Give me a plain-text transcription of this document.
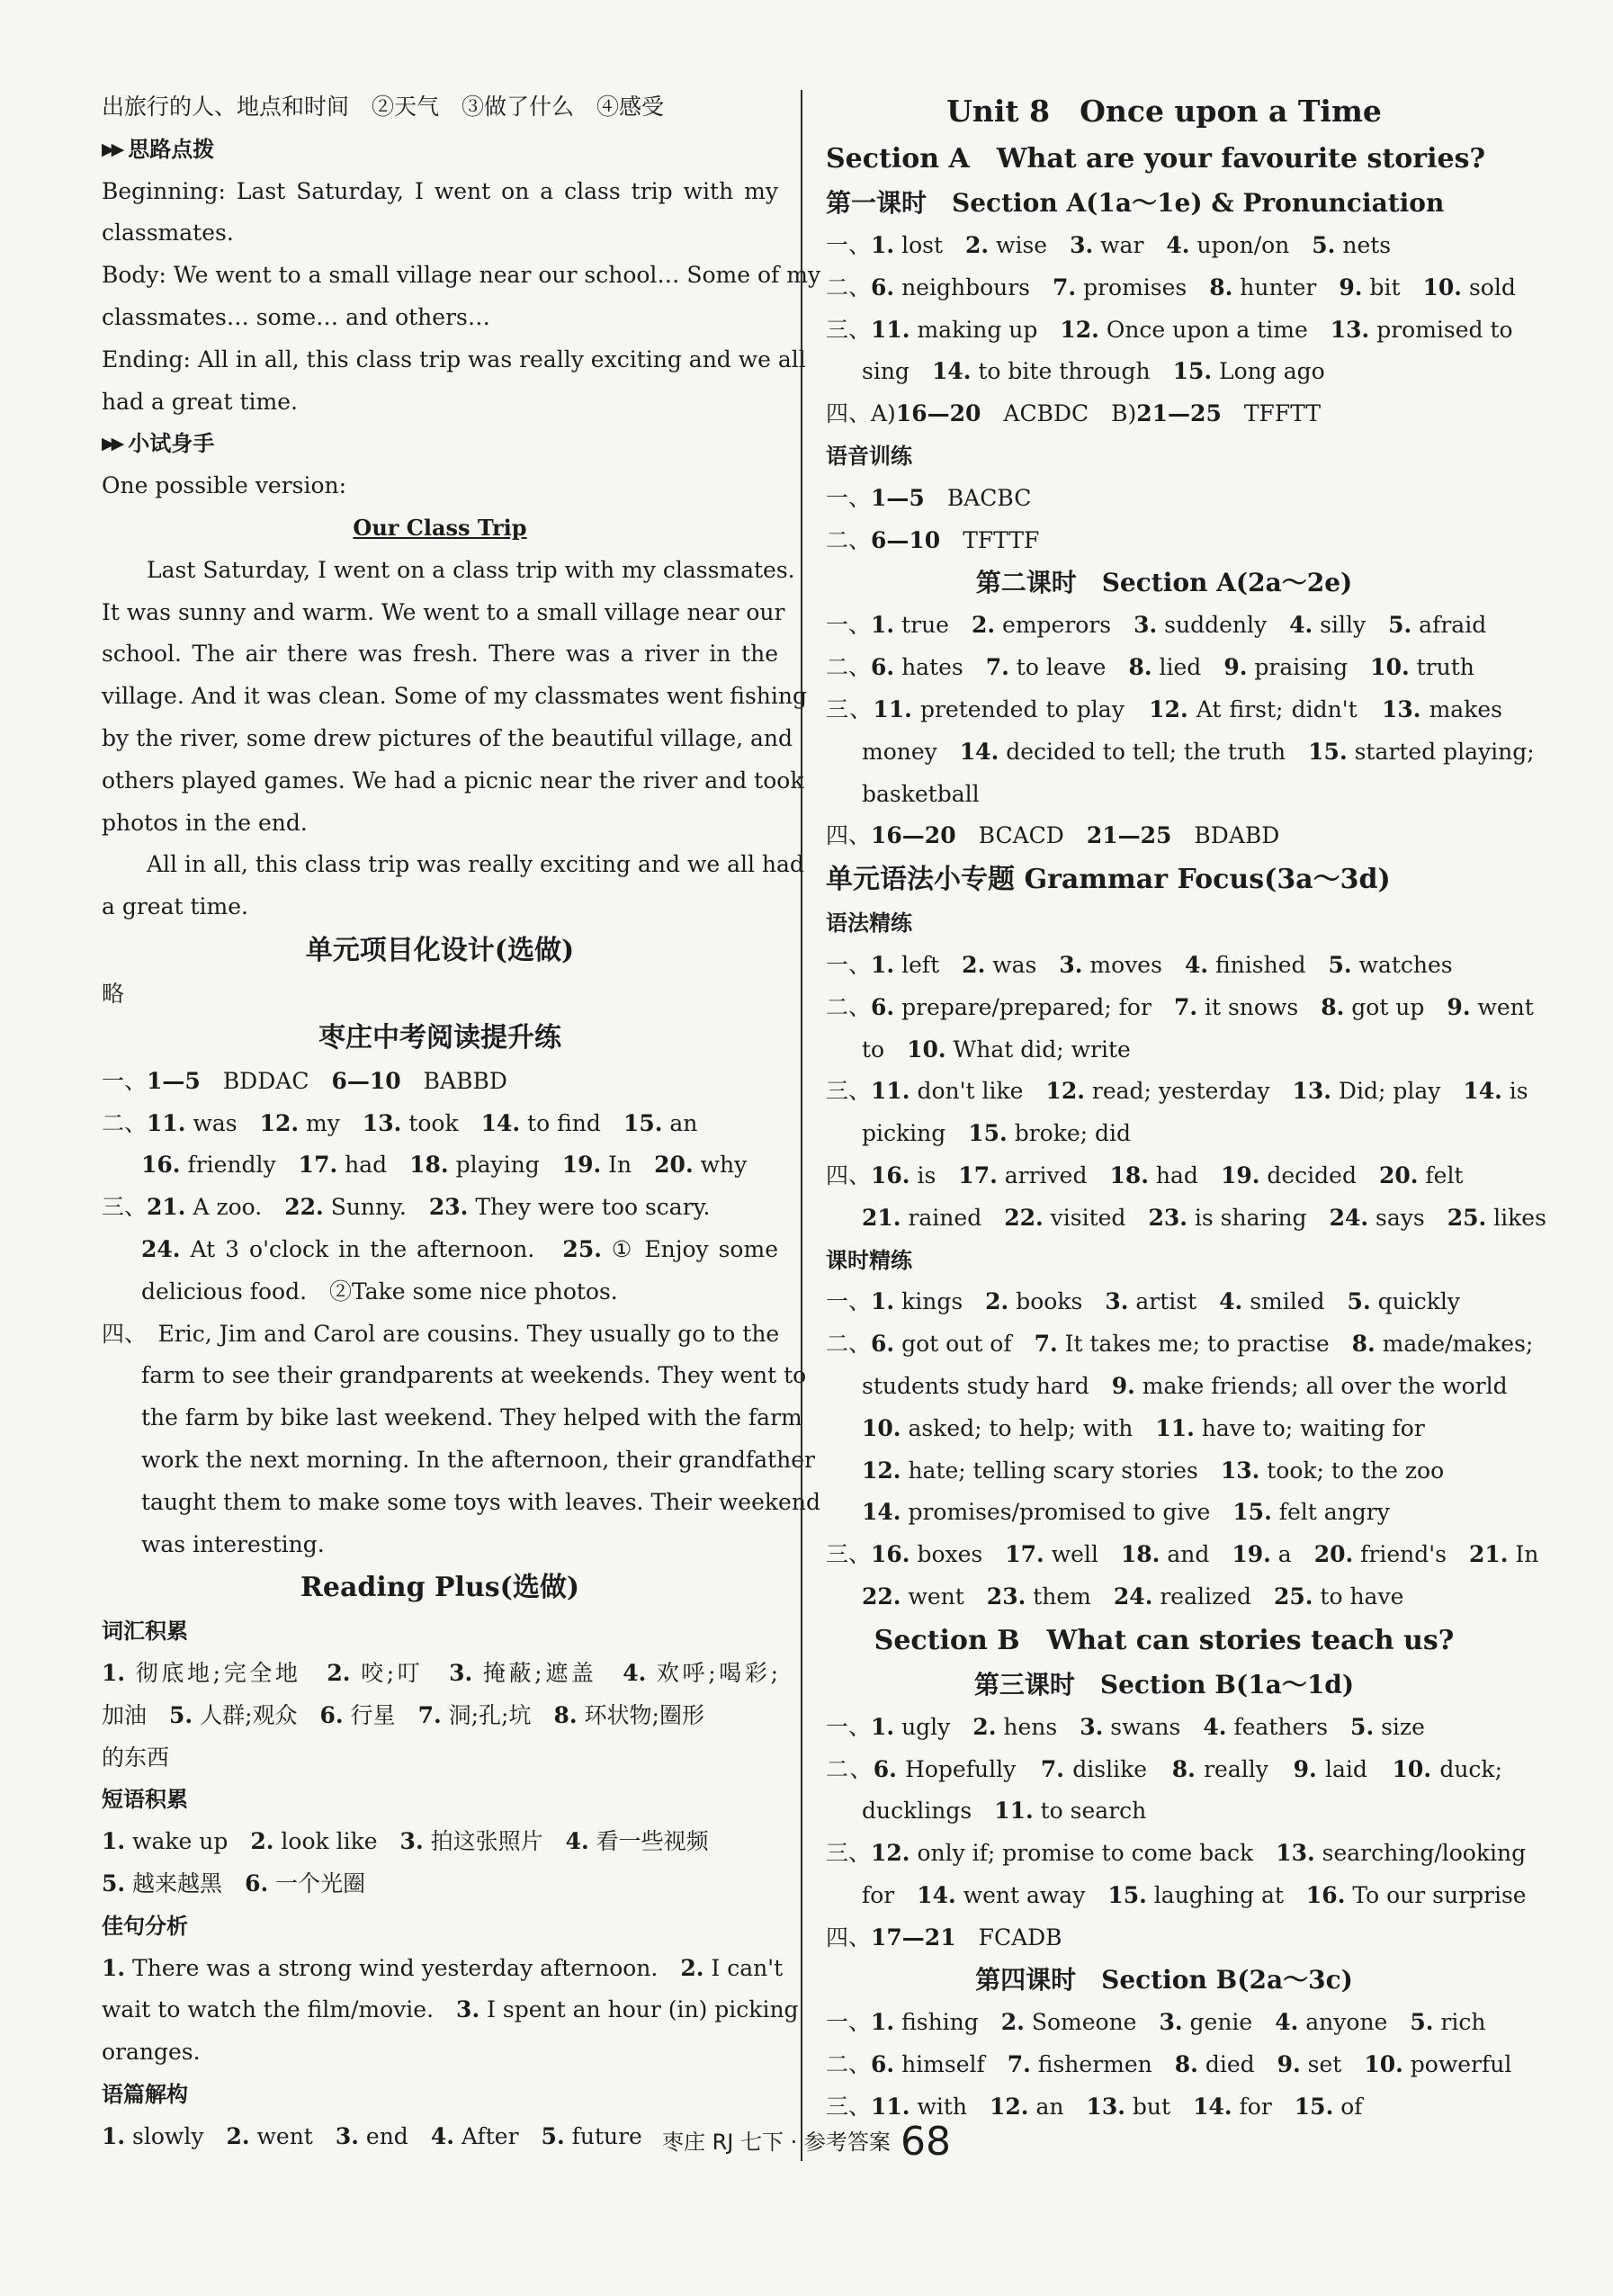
出旅行的人、地点和时间　②天气　③做了什么　④感受
▶▶ 思路点拨
Beginning: Last Saturday, I went on a class trip with my
classmates.
Body: We went to a small village near our school… Some of my
classmates… some… and others…
Ending: All in all, this class trip was really exciting and we all
had a great time.
▶▶ 小试身手
One possible version:
Our Class Trip
　　Last Saturday, I went on a class trip with my classmates.
It was sunny and warm. We went to a small village near our
school. The air there was fresh. There was a river in the
village. And it was clean. Some of my classmates went fishing
by the river, some drew pictures of the beautiful village, and
others played games. We had a picnic near the river and took
photos in the end.
　　All in all, this class trip was really exciting and we all had
a great time.
单元项目化设计(选做)
略
枣庄中考阅读提升练
一、1—5　BDDAC　6—10　BABBD
二、11. was　12. my　13. took　14. to find　15. an
16. friendly　17. had　18. playing　19. In　20. why
三、21. A zoo.　22. Sunny.　23. They were too scary.
24. At 3 o'clock in the afternoon.　25. ① Enjoy some
delicious food.　②Take some nice photos.
四、　Eric, Jim and Carol are cousins. They usually go to the
farm to see their grandparents at weekends. They went to
the farm by bike last weekend. They helped with the farm
work the next morning. In the afternoon, their grandfather
taught them to make some toys with leaves. Their weekend
was interesting.
Reading Plus(选做)
词汇积累
1. 彻底地;完全地　2. 咬;叮　3. 掩蔽;遮盖　4. 欢呼;喝彩;
加油　5. 人群;观众　6. 行星　7. 洞;孔;坑　8. 环状物;圈形
的东西
短语积累
1. wake up　2. look like　3. 拍这张照片　4. 看一些视频
5. 越来越黑　6. 一个光圈
佳句分析
1. There was a strong wind yesterday afternoon.　2. I can't
wait to watch the film/movie.　3. I spent an hour (in) picking
oranges.
语篇解构
1. slowly　2. went　3. end　4. After　5. future
Unit 8　Once upon a Time
Section A　What are your favourite stories?
第一课时　Section A(1a～1e) & Pronunciation
一、1. lost　2. wise　3. war　4. upon/on　5. nets
二、6. neighbours　7. promises　8. hunter　9. bit　10. sold
三、11. making up　12. Once upon a time　13. promised to
sing　14. to bite through　15. Long ago
四、A)16—20　ACBDC　B)21—25　TFFTT
语音训练
一、1—5　BACBC
二、6—10　TFTTF
第二课时　Section A(2a～2e)
一、1. true　2. emperors　3. suddenly　4. silly　5. afraid
二、6. hates　7. to leave　8. lied　9. praising　10. truth
三、11. pretended to play　12. At first; didn't　13. makes
money　14. decided to tell; the truth　15. started playing;
basketball
四、16—20　BCACD　21—25　BDABD
单元语法小专题 Grammar Focus(3a～3d)
语法精练
一、1. left　2. was　3. moves　4. finished　5. watches
二、6. prepare/prepared; for　7. it snows　8. got up　9. went
to　10. What did; write
三、11. don't like　12. read; yesterday　13. Did; play　14. is
picking　15. broke; did
四、16. is　17. arrived　18. had　19. decided　20. felt
21. rained　22. visited　23. is sharing　24. says　25. likes
课时精练
一、1. kings　2. books　3. artist　4. smiled　5. quickly
二、6. got out of　7. It takes me; to practise　8. made/makes;
students study hard　9. make friends; all over the world
10. asked; to help; with　11. have to; waiting for
12. hate; telling scary stories　13. took; to the zoo
14. promises/promised to give　15. felt angry
三、16. boxes　17. well　18. and　19. a　20. friend's　21. In
22. went　23. them　24. realized　25. to have
Section B　What can stories teach us?
第三课时　Section B(1a～1d)
一、1. ugly　2. hens　3. swans　4. feathers　5. size
二、6. Hopefully　7. dislike　8. really　9. laid　10. duck;
ducklings　11. to search
三、12. only if; promise to come back　13. searching/looking
for　14. went away　15. laughing at　16. To our surprise
四、17—21　FCADB
第四课时　Section B(2a～3c)
一、1. fishing　2. Someone　3. genie　4. anyone　5. rich
二、6. himself　7. fishermen　8. died　9. set　10. powerful
三、11. with　12. an　13. but　14. for　15. of
枣庄 RJ 七下 · 参考答案 68
